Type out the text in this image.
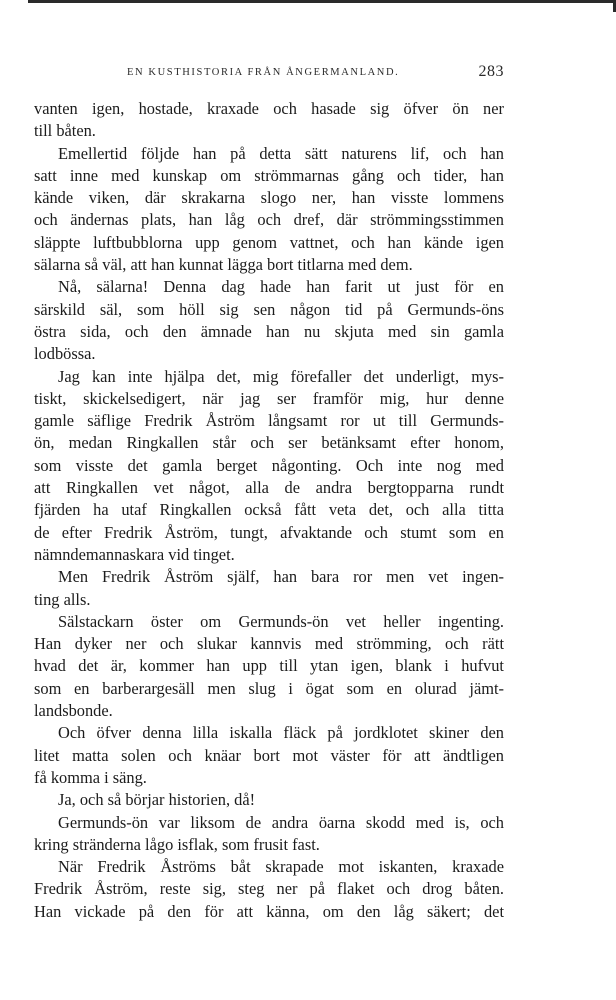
EN KUSTHISTORIA FRÅN ÅNGERMANLAND.	283
vanten igen, hostade, kraxade och hasade sig öfver ön ner
till båten.
Emellertid följde han på detta sätt naturens lif, och han
satt inne med kunskap om strömmarnas gång och tider, han
kände viken, där skrakarna slogo ner, han visste lommens
och ändernas plats, han låg och dref, där strömmingsstimmen
släppte luftbubblorna upp genom vattnet, och han kände igen
sälarna så väl, att han kunnat lägga bort titlarna med dem.
Nå, sälarna! Denna dag hade han farit ut just för en
särskild säl, som höll sig sen någon tid på Germunds-öns
östra sida, och den ämnade han nu skjuta med sin gamla
lodbössa.
Jag kan inte hjälpa det, mig förefaller det underligt, mys-
tiskt, skickelsedigert, när jag ser framför mig, hur denne
gamle säflige Fredrik Åström långsamt ror ut till Germunds-
ön, medan Ringkallen står och ser betänksamt efter honom,
som visste det gamla berget någonting. Och inte nog med
att Ringkallen vet något, alla de andra bergtopparna rundt
fjärden ha utaf Ringkallen också fått veta det, och alla titta
de efter Fredrik Åström, tungt, afvaktande och stumt som en
nämndemannaskara vid tinget.
Men Fredrik Åström själf, han bara ror men vet ingen-
ting alls.
Sälstackarn öster om Germunds-ön vet heller ingenting.
Han dyker ner och slukar kannvis med strömming, och rätt
hvad det är, kommer han upp till ytan igen, blank i hufvut
som en barberargesäll men slug i ögat som en olurad jämt-
landsbonde.
Och öfver denna lilla iskalla fläck på jordklotet skiner den
litet matta solen och knäar bort mot väster för att ändtligen
få komma i säng.
Ja, och så börjar historien, då!
Germunds-ön var liksom de andra öarna skodd med is, och
kring stränderna lågo isflak, som frusit fast.
När Fredrik Åströms båt skrapade mot iskanten, kraxade
Fredrik Åström, reste sig, steg ner på flaket och drog båten.
Han vickade på den för att känna, om den låg säkert; det
